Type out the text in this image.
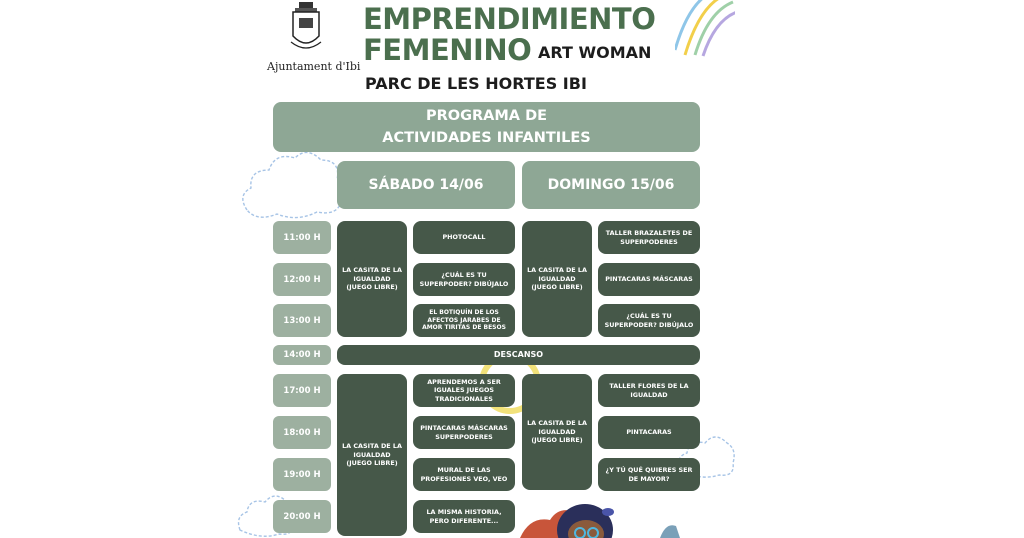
Ajuntament d'Ibi
EMPRENDIMIENTO
FEMENINO ART WOMAN
PARC DE LES HORTES IBI
PROGRAMA DE
ACTIVIDADES INFANTILES
SÁBADO 14/06	DOMINGO 15/06
11:00 H
12:00 H
13:00 H
14:00 H
17:00 H
18:00 H
19:00 H
20:00 H
LA CASITA DE LA IGUALDAD (JUEGO LIBRE)
PHOTOCALL
¿CUÁL ES TU SUPERPODER? DIBÚJALO
EL BOTIQUÍN DE LOS AFECTOS JARABES DE AMOR TIRITAS DE BESOS
LA CASITA DE LA IGUALDAD (JUEGO LIBRE)
TALLER BRAZALETES DE SUPERPODERES
PINTACARAS MÁSCARAS
¿CUÁL ES TU SUPERPODER? DIBÚJALO
DESCANSO
LA CASITA DE LA IGUALDAD (JUEGO LIBRE)
APRENDEMOS A SER IGUALES JUEGOS TRADICIONALES
PINTACARAS MÁSCARAS SUPERPODERES
MURAL DE LAS PROFESIONES VEO, VEO
LA MISMA HISTORIA, PERO DIFERENTE...
LA CASITA DE LA IGUALDAD (JUEGO LIBRE)
TALLER FLORES DE LA IGUALDAD
PINTACARAS
¿Y TÚ QUÉ QUIERES SER DE MAYOR?
